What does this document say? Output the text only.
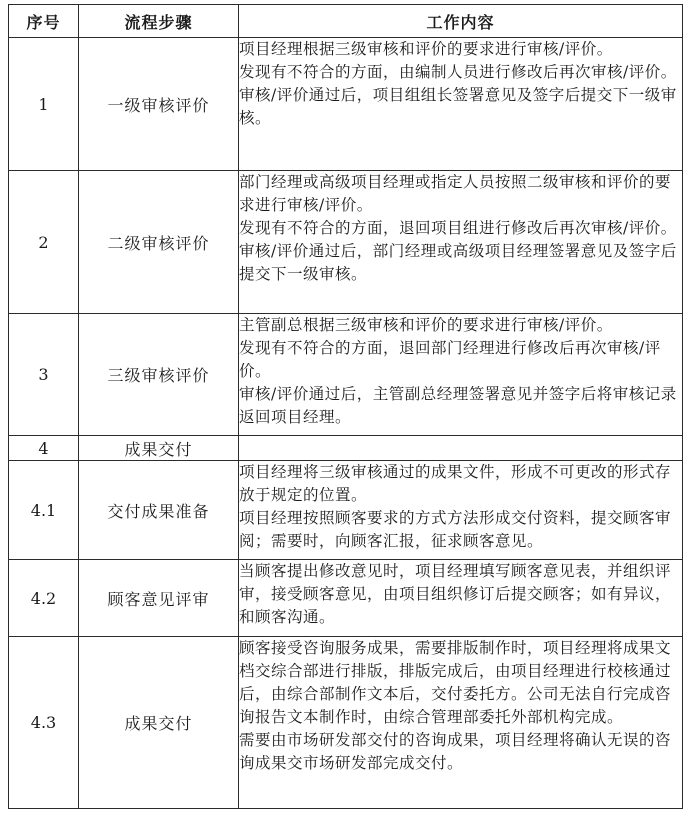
序号	流程步骤	工作内容
1	一级审核评价	项目经理根据三级审核和评价的要求进行审核/评价。

发现有不符合的方面，由编制人员进行修改后再次审核/评价。

审核/评价通过后，项目组组长签署意见及签字后提交下一级审核。

2	二级审核评价	部门经理或高级项目经理或指定人员按照二级审核和评价的要求进行审核/评价。

发现有不符合的方面，退回项目组进行修改后再次审核/评价。

审核/评价通过后，部门经理或高级项目经理签署意见及签字后提交下一级审核。

3	三级审核评价	主管副总根据三级审核和评价的要求进行审核/评价。

发现有不符合的方面，退回部门经理进行修改后再次审核/评价。

审核/评价通过后，主管副总经理签署意见并签字后将审核记录返回项目经理。

4	成果交付	
4.1	交付成果准备	项目经理将三级审核通过的成果文件，形成不可更改的形式存放于规定的位置。

项目经理按照顾客要求的方式方法形成交付资料，提交顾客审阅；需要时，向顾客汇报，征求顾客意见。

4.2	顾客意见评审	当顾客提出修改意见时，项目经理填写顾客意见表，并组织评审，接受顾客意见，由项目组织修订后提交顾客；如有异议，和顾客沟通。

4.3	成果交付	顾客接受咨询服务成果，需要排版制作时，项目经理将成果文档交综合部进行排版，排版完成后，由项目经理进行校核通过后，由综合部制作文本后，交付委托方。公司无法自行完成咨询报告文本制作时，由综合管理部委托外部机构完成。

需要由市场研发部交付的咨询成果，项目经理将确认无误的咨询成果交市场研发部完成交付。
